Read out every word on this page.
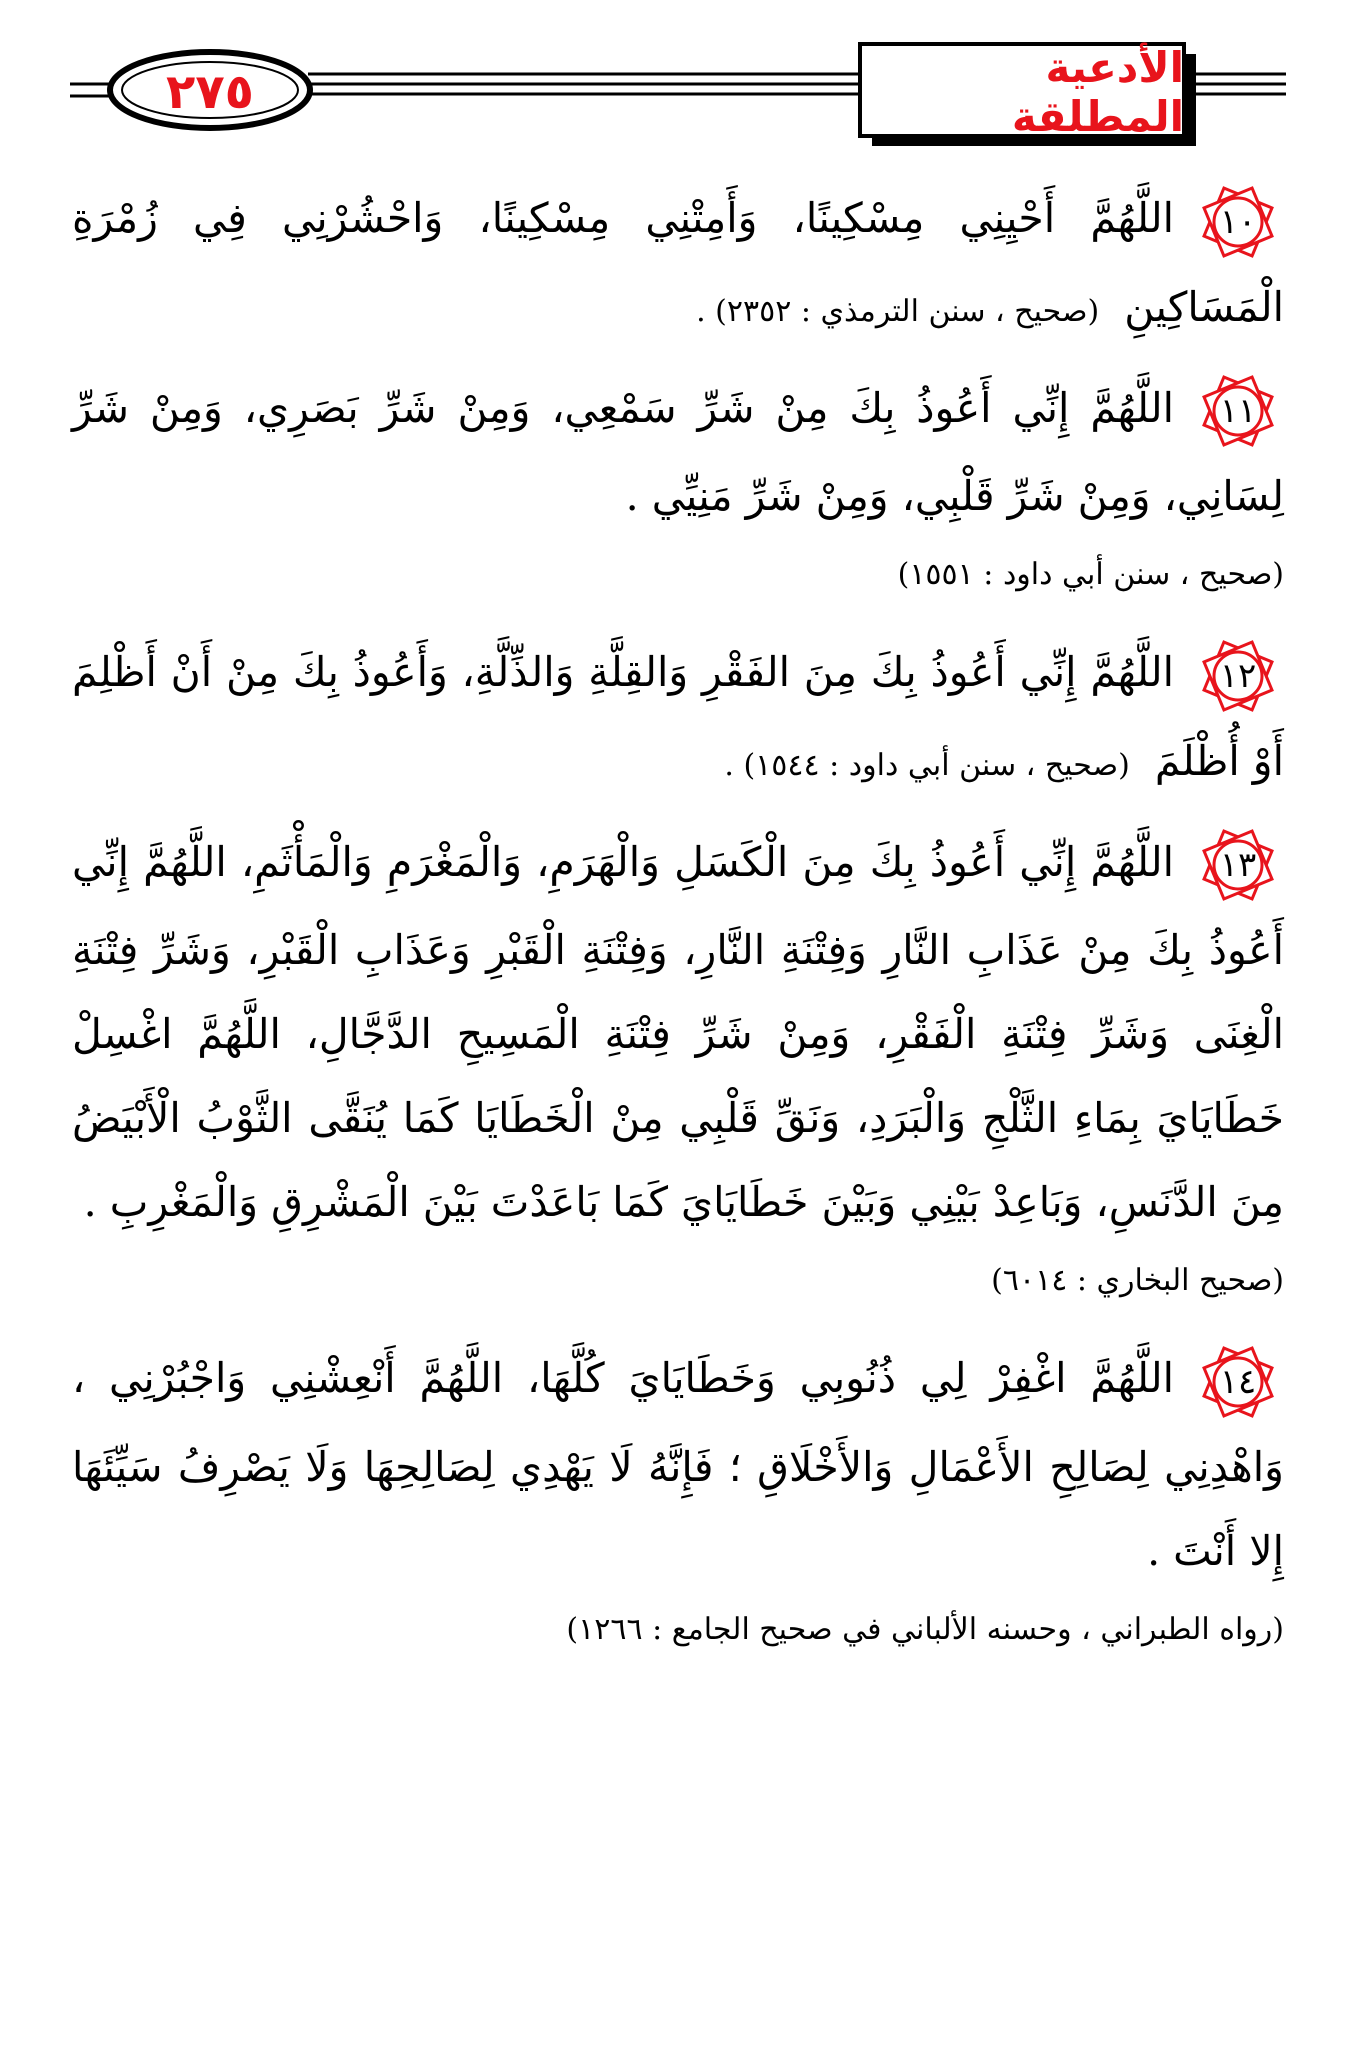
٢٧٥	الأدعية المطلقة

١٠
اللَّهُمَّ أَحْيِنِي مِسْكِينًا، وَأَمِتْنِي مِسْكِينًا، وَاحْشُرْنِي فِي زُمْرَةِ الْمَسَاكِينِ (صحيح ، سنن الترمذي : ٢٣٥٢) .

١١
اللَّهُمَّ إِنِّي أَعُوذُ بِكَ مِنْ شَرِّ سَمْعِي، وَمِنْ شَرِّ بَصَرِي، وَمِنْ شَرِّ لِسَانِي، وَمِنْ شَرِّ قَلْبِي، وَمِنْ شَرِّ مَنِيِّي .

(صحيح ، سنن أبي داود : ١٥٥١)

١٢
اللَّهُمَّ إِنِّي أَعُوذُ بِكَ مِنَ الفَقْرِ وَالقِلَّةِ وَالذِّلَّةِ، وَأَعُوذُ بِكَ مِنْ أَنْ أَظْلِمَ أَوْ أُظْلَمَ (صحيح ، سنن أبي داود : ١٥٤٤) .

١٣
اللَّهُمَّ إِنِّي أَعُوذُ بِكَ مِنَ الْكَسَلِ وَالْهَرَمِ، وَالْمَغْرَمِ وَالْمَأْثَمِ، اللَّهُمَّ إِنِّي أَعُوذُ بِكَ مِنْ عَذَابِ النَّارِ وَفِتْنَةِ النَّارِ، وَفِتْنَةِ الْقَبْرِ وَعَذَابِ الْقَبْرِ، وَشَرِّ فِتْنَةِ الْغِنَى وَشَرِّ فِتْنَةِ الْفَقْرِ، وَمِنْ شَرِّ فِتْنَةِ الْمَسِيحِ الدَّجَّالِ، اللَّهُمَّ اغْسِلْ خَطَايَايَ بِمَاءِ الثَّلْجِ وَالْبَرَدِ، وَنَقِّ قَلْبِي مِنْ الْخَطَايَا كَمَا يُنَقَّى الثَّوْبُ الْأَبْيَضُ مِنَ الدَّنَسِ، وَبَاعِدْ بَيْنِي وَبَيْنَ خَطَايَايَ كَمَا بَاعَدْتَ بَيْنَ الْمَشْرِقِ وَالْمَغْرِبِ .

(صحيح البخاري : ٦٠١٤)

١٤
اللَّهُمَّ اغْفِرْ لِي ذُنُوبِي وَخَطَايَايَ كُلَّهَا، اللَّهُمَّ أَنْعِشْنِي وَاجْبُرْنِي ، وَاهْدِنِي لِصَالِحِ الأَعْمَالِ وَالأَخْلَاقِ ؛ فَإِنَّهُ لَا يَهْدِي لِصَالِحِهَا وَلَا يَصْرِفُ سَيِّئَهَا إِلا أَنْتَ .

(رواه الطبراني ، وحسنه الألباني في صحيح الجامع : ١٢٦٦)
